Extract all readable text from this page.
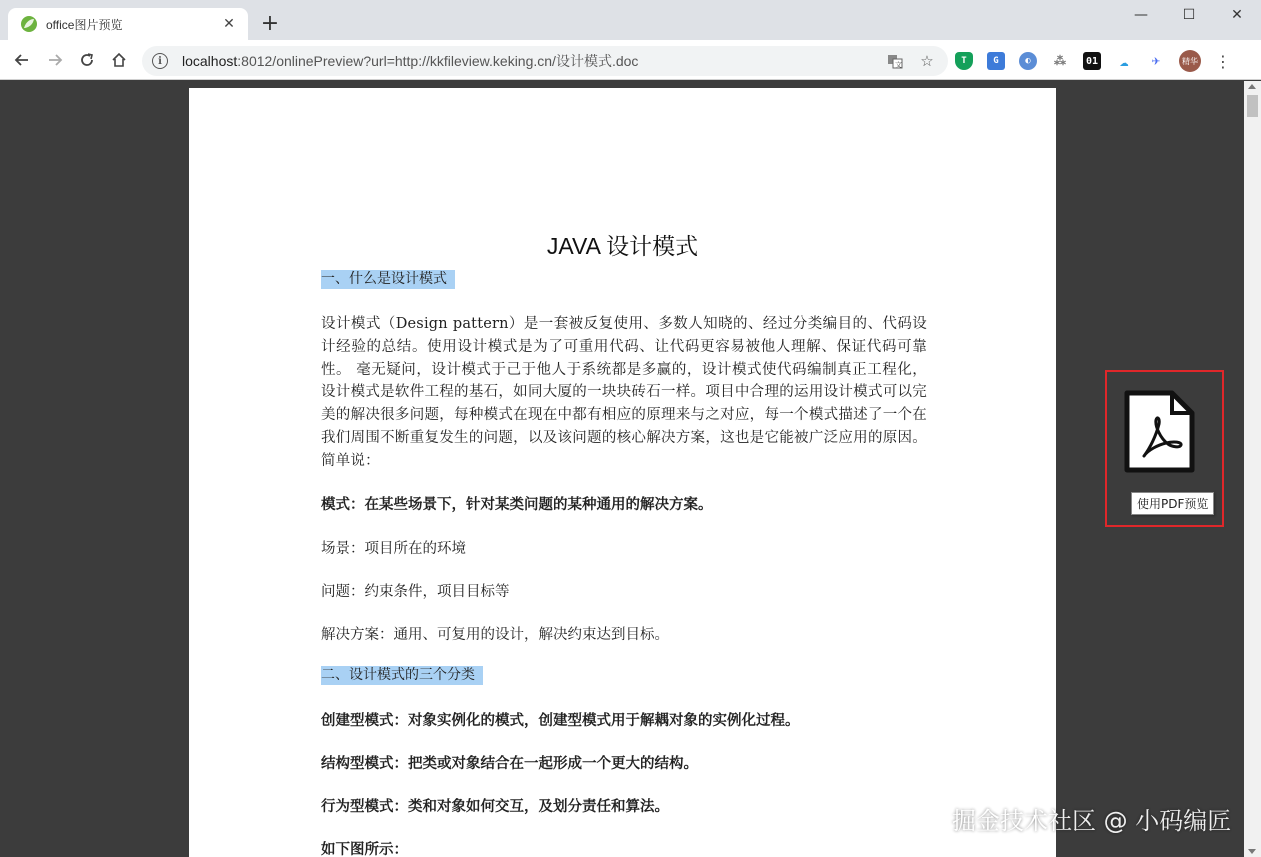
office图片预览	✕ +	—	☐	✕
i	localhost:8012/onlinePreview?url=http://kkfileview.keking.cn/设计模式.doc	文 ☆	T	G	◐	⁂	01 ☁	✈	精华 ⋮
JAVA 设计模式
一、什么是设计模式
设计模式（Design pattern）是一套被反复使用、多数人知晓的、经过分类编目的、代码设计经验的总结。使用设计模式是为了可重用代码、让代码更容易被他人理解、保证代码可靠性。 毫无疑问，设计模式于己于他人于系统都是多赢的，设计模式使代码编制真正工程化，设计模式是软件工程的基石，如同大厦的一块块砖石一样。项目中合理的运用设计模式可以完美的解决很多问题，每种模式在现在中都有相应的原理来与之对应，每一个模式描述了一个在我们周围不断重复发生的问题，以及该问题的核心解决方案，这也是它能被广泛应用的原因。简单说：
模式：在某些场景下，针对某类问题的某种通用的解决方案。
场景：项目所在的环境
问题：约束条件，项目目标等
解决方案：通用、可复用的设计，解决约束达到目标。
二、设计模式的三个分类
创建型模式：对象实例化的模式，创建型模式用于解耦对象的实例化过程。
结构型模式：把类或对象结合在一起形成一个更大的结构。
行为型模式：类和对象如何交互，及划分责任和算法。
如下图所示：
使用PDF预览
掘金技术社区 @ 小码编匠
